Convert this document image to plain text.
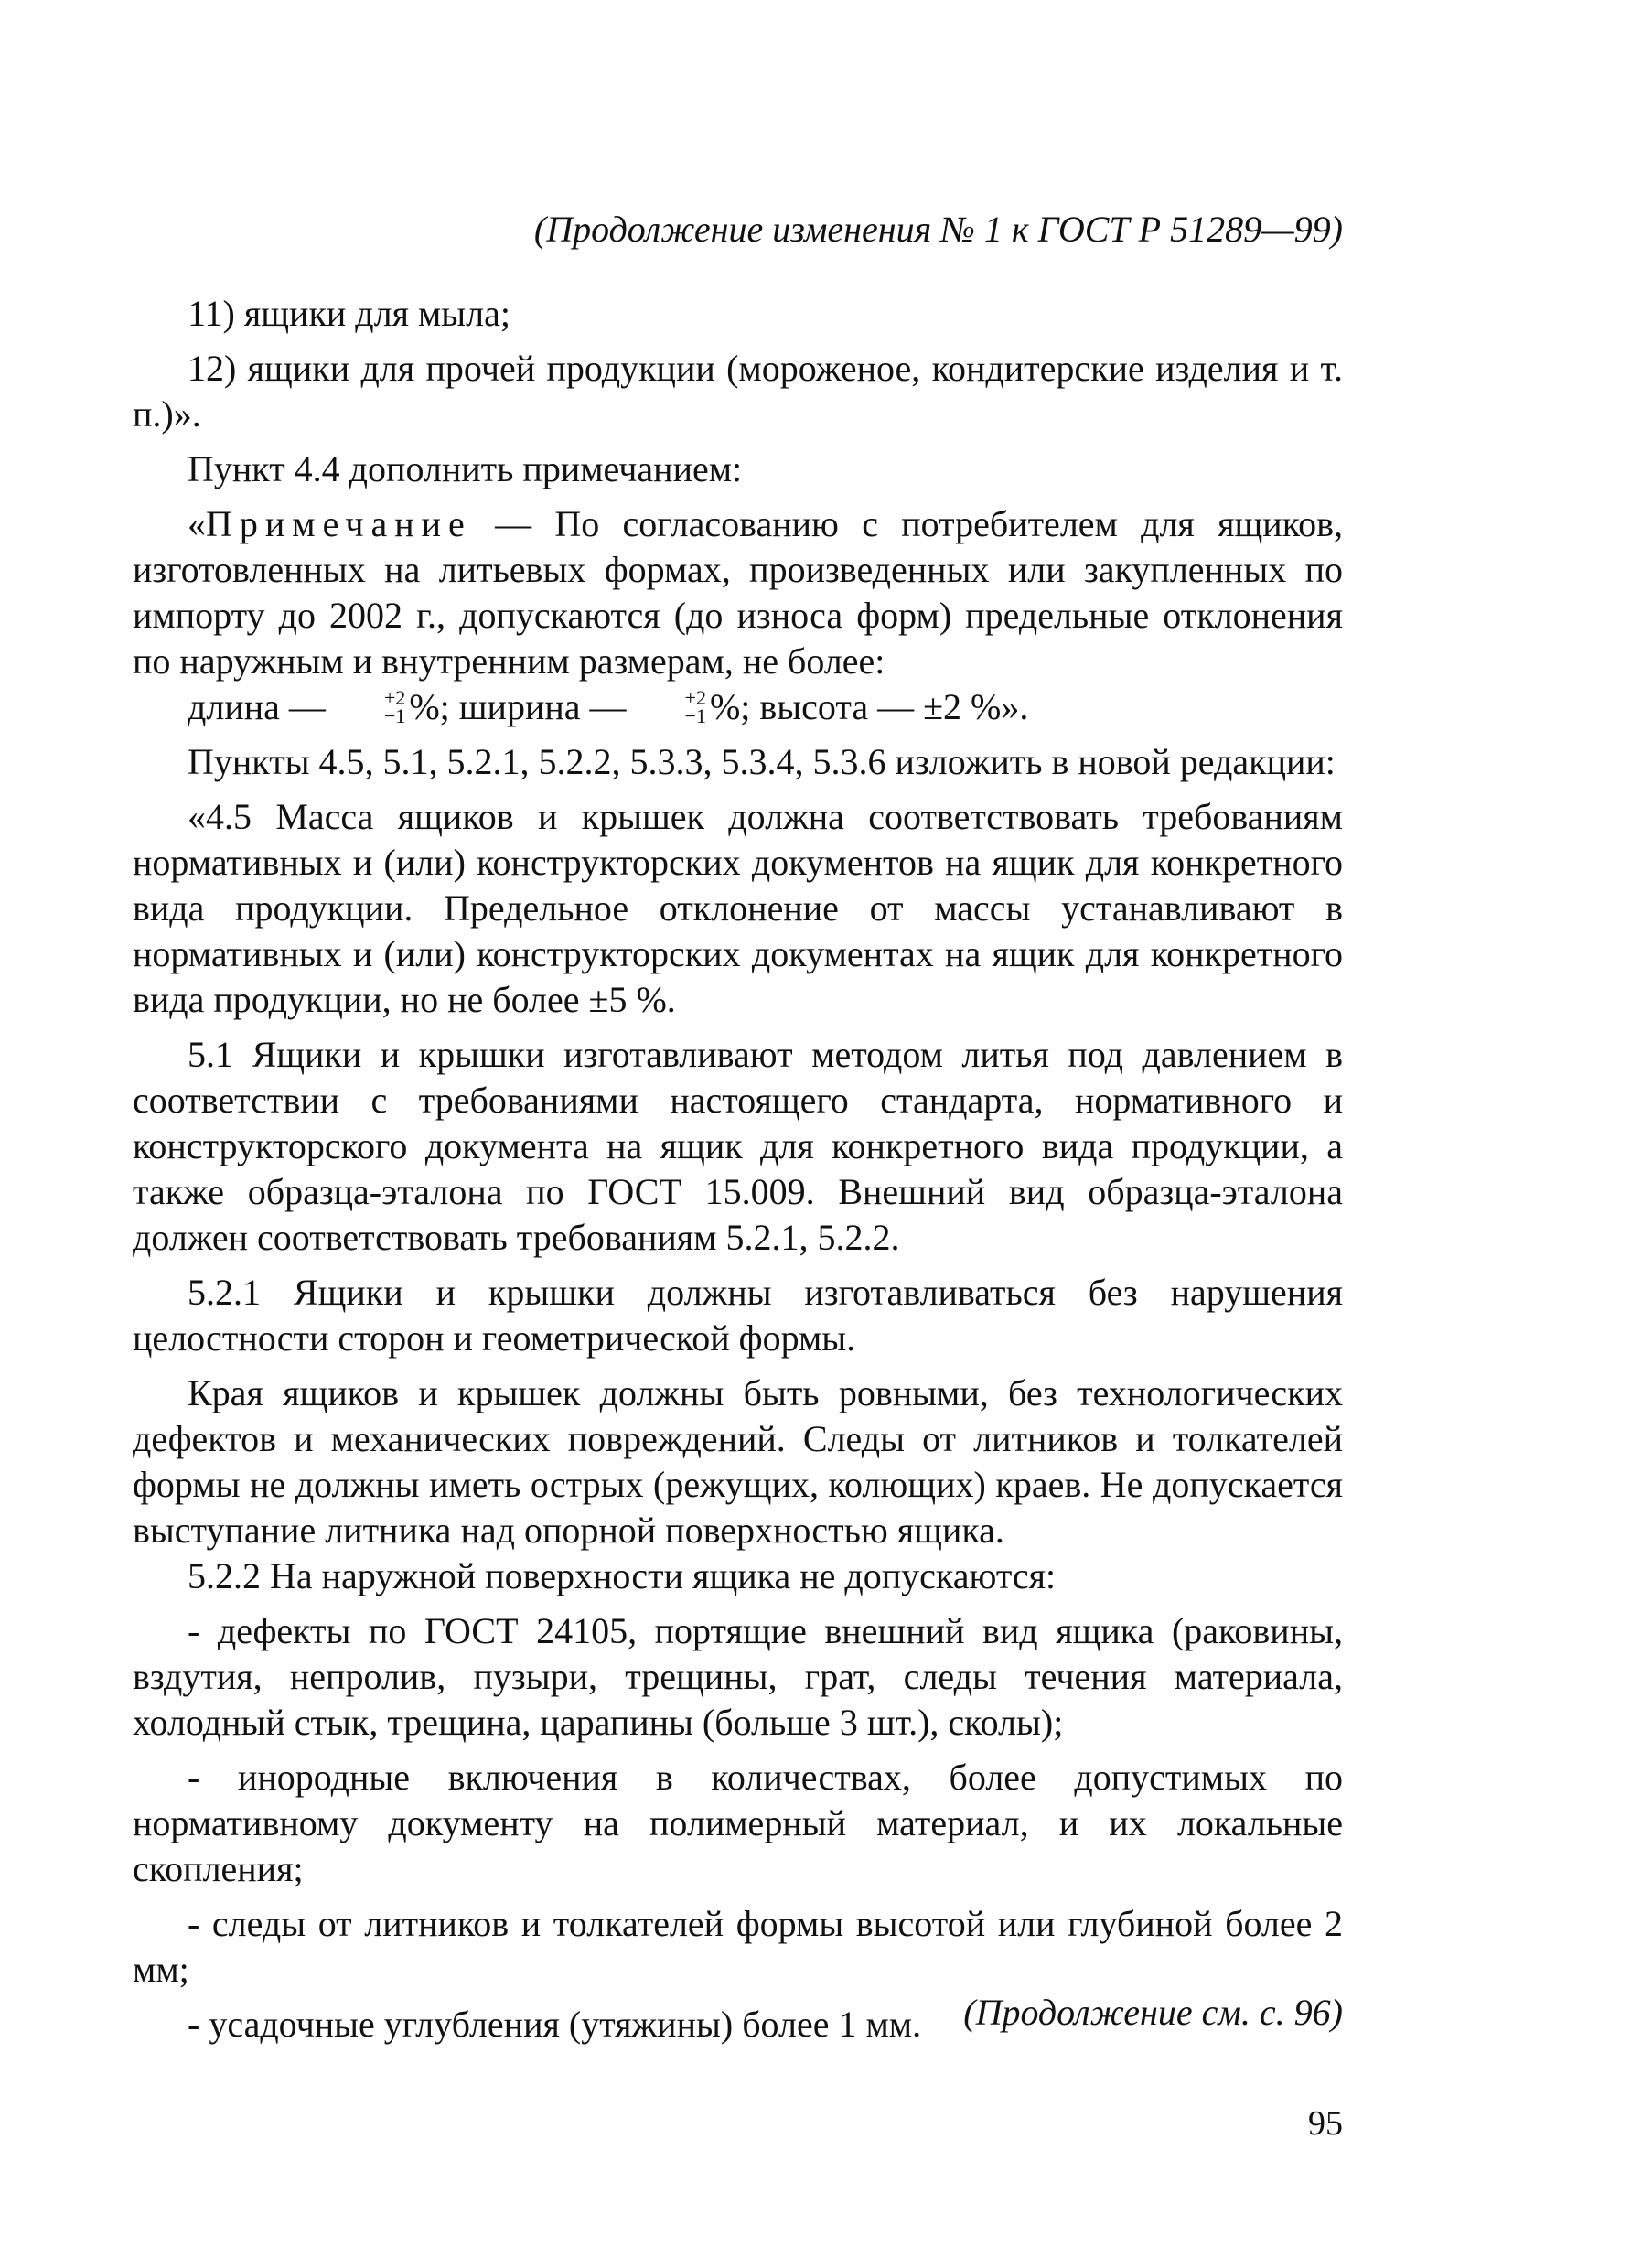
(Продолжение изменения № 1 к ГОСТ Р 51289—99)

11) ящики для мыла;

12) ящики для прочей продукции (мороженое, кондитерские изделия и т. п.)».

Пункт 4.4 дополнить примечанием:

«Примечание — По согласованию с потребителем для ящиков, изготовленных на литьевых формах, произведенных или закупленных по импорту до 2002 г., допускаются (до износа форм) предельные отклонения по наружным и внутренним размерам, не более:

длина —	+2
−1 %; ширина —	+2
−1 %; высота — ±2 %».

Пункты 4.5, 5.1, 5.2.1, 5.2.2, 5.3.3, 5.3.4, 5.3.6 изложить в новой редакции:

«4.5 Масса ящиков и крышек должна соответствовать требованиям нормативных и (или) конструкторских документов на ящик для конкретного вида продукции. Предельное отклонение от массы устанавливают в нормативных и (или) конструкторских документах на ящик для конкретного вида продукции, но не более ±5 %.

5.1 Ящики и крышки изготавливают методом литья под давлением в соответствии с требованиями настоящего стандарта, нормативного и конструкторского документа на ящик для конкретного вида продукции, а также образца-эталона по ГОСТ 15.009. Внешний вид образца-эталона должен соответствовать требованиям 5.2.1, 5.2.2.

5.2.1 Ящики и крышки должны изготавливаться без нарушения целостности сторон и геометрической формы.

Края ящиков и крышек должны быть ровными, без технологических дефектов и механических повреждений. Следы от литников и толкателей формы не должны иметь острых (режущих, колющих) краев. Не допускается выступание литника над опорной поверхностью ящика.

5.2.2 На наружной поверхности ящика не допускаются:

- дефекты по ГОСТ 24105, портящие внешний вид ящика (раковины, вздутия, непролив, пузыри, трещины, грат, следы течения материала, холодный стык, трещина, царапины (больше 3 шт.), сколы);

- инородные включения в количествах, более допустимых по нормативному документу на полимерный материал, и их локальные скопления;

- следы от литников и толкателей формы высотой или глубиной более 2 мм;

- усадочные углубления (утяжины) более 1 мм.	(Продолжение см. с. 96)
95
